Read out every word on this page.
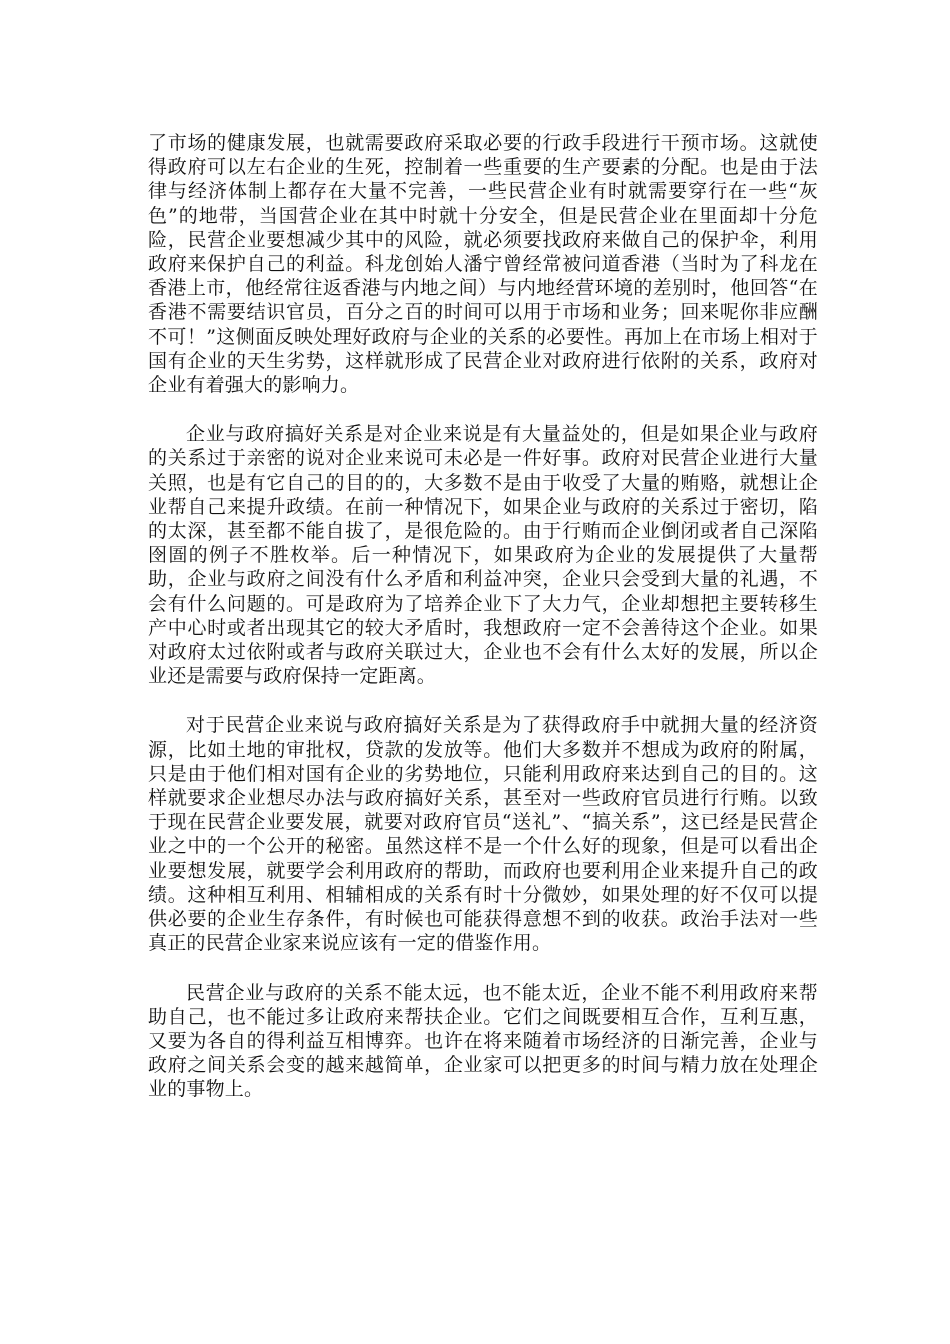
了市场的健康发展，也就需要政府采取必要的行政手段进行干预市场。这就使得政府可以左右企业的生死，控制着一些重要的生产要素的分配。也是由于法律与经济体制上都存在大量不完善，一些民营企业有时就需要穿行在一些“灰色”的地带，当国营企业在其中时就十分安全，但是民营企业在里面却十分危险，民营企业要想减少其中的风险，就必须要找政府来做自己的保护伞，利用政府来保护自己的利益。科龙创始人潘宁曾经常被问道香港（当时为了科龙在香港上市，他经常往返香港与内地之间）与内地经营环境的差别时，他回答“在香港不需要结识官员，百分之百的时间可以用于市场和业务；回来呢你非应酬不可！”这侧面反映处理好政府与企业的关系的必要性。再加上在市场上相对于国有企业的天生劣势，这样就形成了民营企业对政府进行依附的关系，政府对企业有着强大的影响力。

企业与政府搞好关系是对企业来说是有大量益处的，但是如果企业与政府的关系过于亲密的说对企业来说可未必是一件好事。政府对民营企业进行大量关照，也是有它自己的目的的，大多数不是由于收受了大量的贿赂，就想让企业帮自己来提升政绩。在前一种情况下，如果企业与政府的关系过于密切，陷的太深，甚至都不能自拔了，是很危险的。由于行贿而企业倒闭或者自己深陷囹圄的例子不胜枚举。后一种情况下，如果政府为企业的发展提供了大量帮助，企业与政府之间没有什么矛盾和利益冲突，企业只会受到大量的礼遇，不会有什么问题的。可是政府为了培养企业下了大力气，企业却想把主要转移生产中心时或者出现其它的较大矛盾时，我想政府一定不会善待这个企业。如果对政府太过依附或者与政府关联过大，企业也不会有什么太好的发展，所以企业还是需要与政府保持一定距离。

对于民营企业来说与政府搞好关系是为了获得政府手中就拥大量的经济资源，比如土地的审批权，贷款的发放等。他们大多数并不想成为政府的附属，只是由于他们相对国有企业的劣势地位，只能利用政府来达到自己的目的。这样就要求企业想尽办法与政府搞好关系，甚至对一些政府官员进行行贿。以致于现在民营企业要发展，就要对政府官员“送礼”、“搞关系”，这已经是民营企业之中的一个公开的秘密。虽然这样不是一个什么好的现象，但是可以看出企业要想发展，就要学会利用政府的帮助，而政府也要利用企业来提升自己的政绩。这种相互利用、相辅相成的关系有时十分微妙，如果处理的好不仅可以提供必要的企业生存条件，有时候也可能获得意想不到的收获。政治手法对一些真正的民营企业家来说应该有一定的借鉴作用。

民营企业与政府的关系不能太远，也不能太近，企业不能不利用政府来帮助自己，也不能过多让政府来帮扶企业。它们之间既要相互合作，互利互惠，又要为各自的得利益互相博弈。也许在将来随着市场经济的日渐完善，企业与政府之间关系会变的越来越简单，企业家可以把更多的时间与精力放在处理企业的事物上。
